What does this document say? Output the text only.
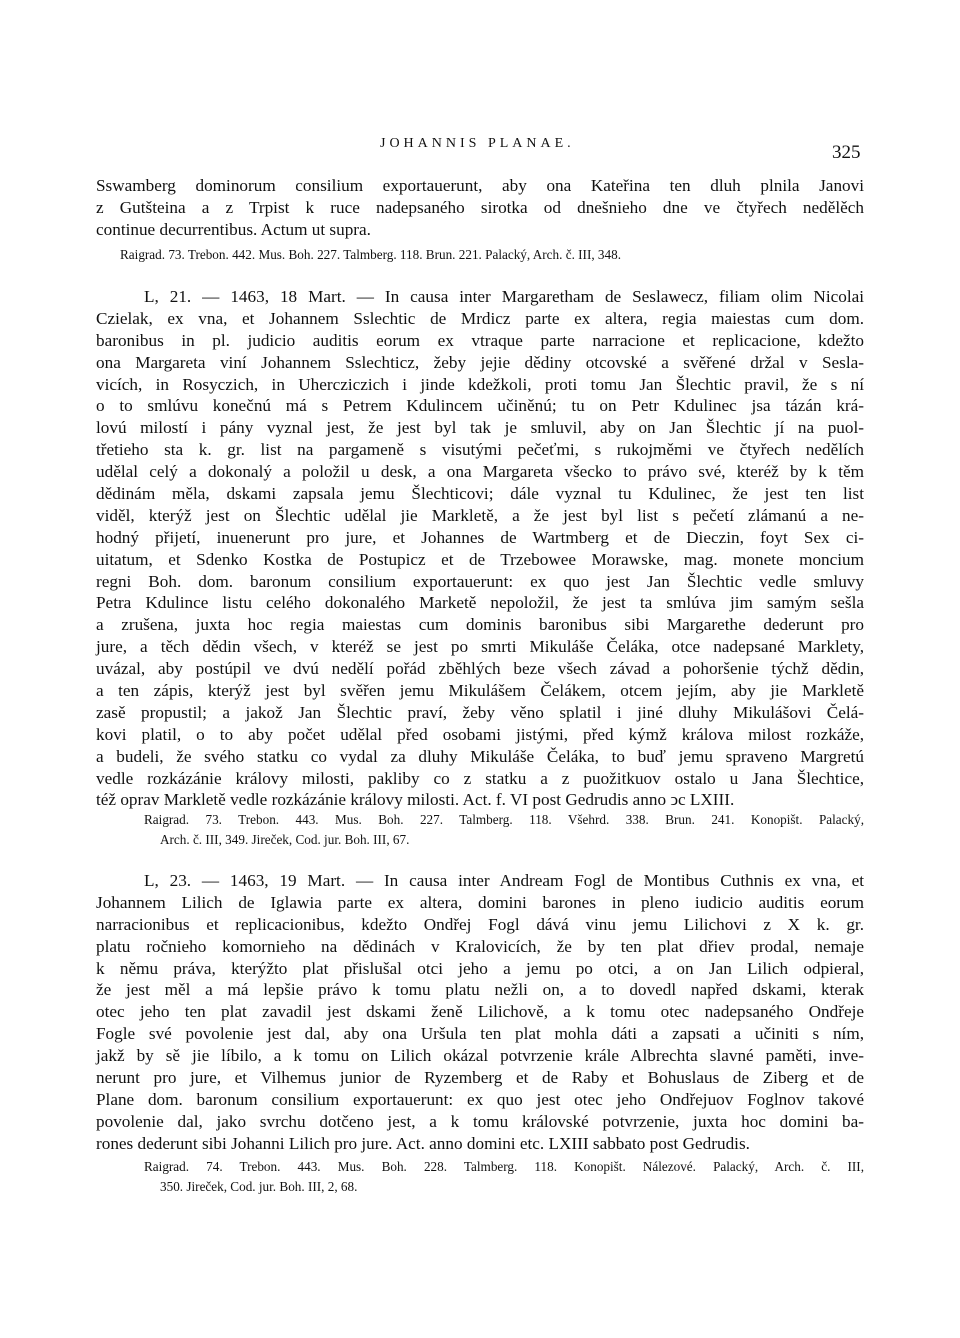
JOHANNIS PLANAE.	325
Sswamberg dominorum consilium exportauerunt, aby ona Kateřina ten dluh plnila Janovi
z Gutšteina a z Trpist k ruce nadepsaného sirotka od dnešnieho dne ve čtyřech nedělěch
continue decurrentibus. Actum ut supra.
Raigrad. 73. Trebon. 442. Mus. Boh. 227. Talmberg. 118. Brun. 221. Palacký, Arch. č. III, 348.
L, 21. — 1463, 18 Mart. — In causa inter Margaretham de Seslawecz, filiam olim Nicolai
Czielak, ex vna, et Johannem Sslechtic de Mrdicz parte ex altera, regia maiestas cum dom.
baronibus in pl. judicio auditis eorum ex vtraque parte narracione et replicacione, kdežto
ona Margareta viní Johannem Sslechticz, žeby jejie dědiny otcovské a svěřené držal v Sesla-
vicích, in Rosyczich, in Uhercziczich i jinde kdežkoli, proti tomu Jan Šlechtic pravil, že s ní
o to smlúvu konečnú má s Petrem Kdulincem učiněnú; tu on Petr Kdulinec jsa tázán krá-
lovú milostí i pány vyznal jest, že jest byl tak je smluvil, aby on Jan Šlechtic jí na puol-
třetieho sta k. gr. list na pargameně s visutými pečeťmi, s rukojměmi ve čtyřech nedělích
udělal celý a dokonalý a položil u desk, a ona Margareta všecko to právo své, kteréž by k těm
dědinám měla, dskami zapsala jemu Šlechticovi; dále vyznal tu Kdulinec, že jest ten list
viděl, kterýž jest on Šlechtic udělal jie Markletě, a že jest byl list s pečetí zlámanú a ne-
hodný přijetí, inuenerunt pro jure, et Johannes de Wartmberg et de Dieczin, foyt Sex ci-
uitatum, et Sdenko Kostka de Postupicz et de Trzebowee Morawske, mag. monete moncium
regni Boh. dom. baronum consilium exportauerunt: ex quo jest Jan Šlechtic vedle smluvy
Petra Kdulince listu celého dokonalého Marketě nepoložil, že jest ta smlúva jim samým sešla
a zrušena, juxta hoc regia maiestas cum dominis baronibus sibi Margarethe dederunt pro
jure, a těch dědin všech, v kteréž se jest po smrti Mikuláše Čeláka, otce nadepsané Marklety,
uvázal, aby postúpil ve dvú nedělí pořád zběhlých beze všech závad a pohoršenie týchž dědin,
a ten zápis, kterýž jest byl svěřen jemu Mikulášem Čelákem, otcem jejím, aby jie Markletě
zasě propustil; a jakož Jan Šlechtic praví, žeby věno splatil i jiné dluhy Mikulášovi Čelá-
kovi platil, o to aby počet udělal před osobami jistými, před kýmž králova milost rozkáže,
a budeli, že svého statku co vydal za dluhy Mikuláše Čeláka, to buď jemu spraveno Margretú
vedle rozkázánie královy milosti, pakliby co z statku a z puožitkuov ostalo u Jana Šlechtice,
též oprav Markletě vedle rozkázánie královy milosti. Act. f. VI post Gedrudis anno ͻc LXIII.
Raigrad. 73. Trebon. 443. Mus. Boh. 227. Talmberg. 118. Všehrd. 338. Brun. 241. Konopišt. Palacký,
Arch. č. III, 349. Jireček, Cod. jur. Boh. III, 67.
L, 23. — 1463, 19 Mart. — In causa inter Andream Fogl de Montibus Cuthnis ex vna, et
Johannem Lilich de Iglawia parte ex altera, domini barones in pleno iudicio auditis eorum
narracionibus et replicacionibus, kdežto Ondřej Fogl dává vinu jemu Lilichovi z X k. gr.
platu ročnieho komornieho na dědinách v Kralovicích, že by ten plat dřiev prodal, nemaje
k němu práva, kterýžto plat přislušal otci jeho a jemu po otci, a on Jan Lilich odpieral,
že jest měl a má lepšie právo k tomu platu nežli on, a to dovedl napřed dskami, kterak
otec jeho ten plat zavadil jest dskami ženě Lilichově, a k tomu otec nadepsaného Ondřeje
Fogle své povolenie jest dal, aby ona Uršula ten plat mohla dáti a zapsati a učiniti s ním,
jakž by sě jie líbilo, a k tomu on Lilich okázal potvrzenie krále Albrechta slavné paměti, inve-
nerunt pro jure, et Vilhemus junior de Ryzemberg et de Raby et Bohuslaus de Ziberg et de
Plane dom. baronum consilium exportauerunt: ex quo jest otec jeho Ondřejuov Foglnov takové
povolenie dal, jako svrchu dotčeno jest, a k tomu královské potvrzenie, juxta hoc domini ba-
rones dederunt sibi Johanni Lilich pro jure. Act. anno domini etc. LXIII sabbato post Gedrudis.
Raigrad. 74. Trebon. 443. Mus. Boh. 228. Talmberg. 118. Konopišt. Nálezové. Palacký, Arch. č. III,
350. Jireček, Cod. jur. Boh. III, 2, 68.
